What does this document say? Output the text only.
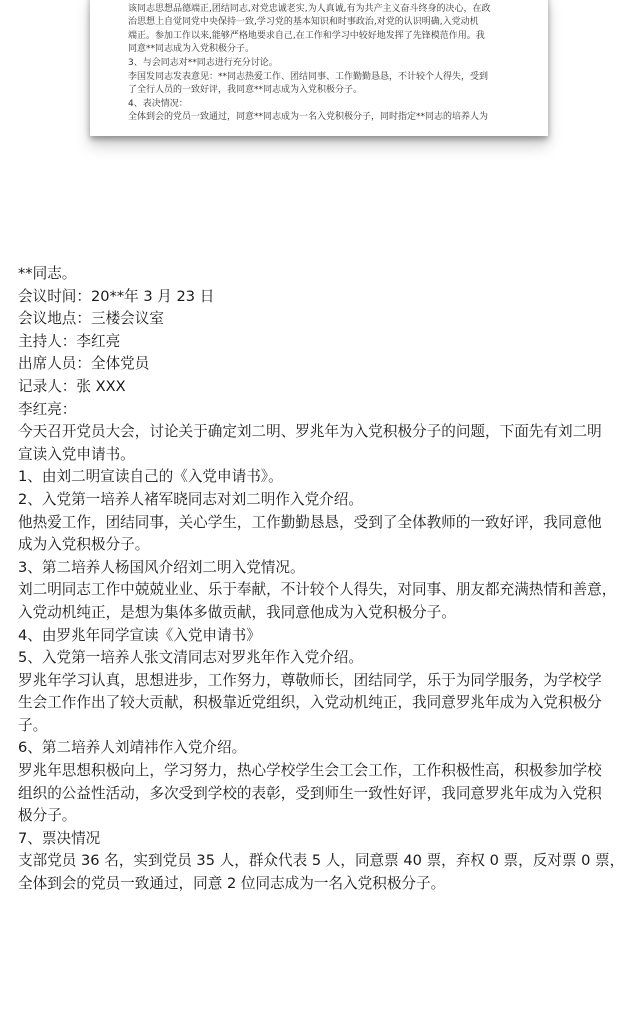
该同志思想品德端正,团结同志,对党忠诚老实,为人真诚,有为共产主义奋斗终身的决心，在政
治思想上自觉同党中央保持一致,学习党的基本知识和时事政治,对党的认识明确,入党动机
端正。参加工作以来,能够严格地要求自己,在工作和学习中较好地发挥了先锋模范作用。我
同意**同志成为入党积极分子。
3、与会同志对**同志进行充分讨论。
李国发同志发表意见：**同志热爱工作、团结同事、工作勤勤恳恳，不计较个人得失，受到
了全行人员的一致好评，我同意**同志成为入党积极分子。
4、表决情况：
全体到会的党员一致通过，同意**同志成为一名入党积极分子，同时指定**同志的培养人为
**同志。
会议时间：20**年 3 月 23 日
会议地点：三楼会议室
主持人：李红亮
出席人员：全体党员
记录人：张 XXX
李红亮：
今天召开党员大会，讨论关于确定刘二明、罗兆年为入党积极分子的问题，下面先有刘二明
宣读入党申请书。
1、由刘二明宣读自己的《入党申请书》。
2、入党第一培养人褚军晓同志对刘二明作入党介绍。
他热爱工作，团结同事，关心学生，工作勤勤恳恳，受到了全体教师的一致好评，我同意他
成为入党积极分子。
3、第二培养人杨国风介绍刘二明入党情况。
刘二明同志工作中兢兢业业、乐于奉献，不计较个人得失，对同事、朋友都充满热情和善意，
入党动机纯正，是想为集体多做贡献，我同意他成为入党积极分子。
4、由罗兆年同学宣读《入党申请书》
5、入党第一培养人张文清同志对罗兆年作入党介绍。
罗兆年学习认真，思想进步，工作努力，尊敬师长，团结同学，乐于为同学服务，为学校学
生会工作作出了较大贡献，积极靠近党组织，入党动机纯正，我同意罗兆年成为入党积极分
子。
6、第二培养人刘靖祎作入党介绍。
罗兆年思想积极向上，学习努力，热心学校学生会工会工作，工作积极性高，积极参加学校
组织的公益性活动，多次受到学校的表彰，受到师生一致性好评，我同意罗兆年成为入党积
极分子。
7、票决情况
支部党员 36 名，实到党员 35 人，群众代表 5 人，同意票 40 票，弃权 0 票，反对票 0 票，
全体到会的党员一致通过，同意 2 位同志成为一名入党积极分子。
